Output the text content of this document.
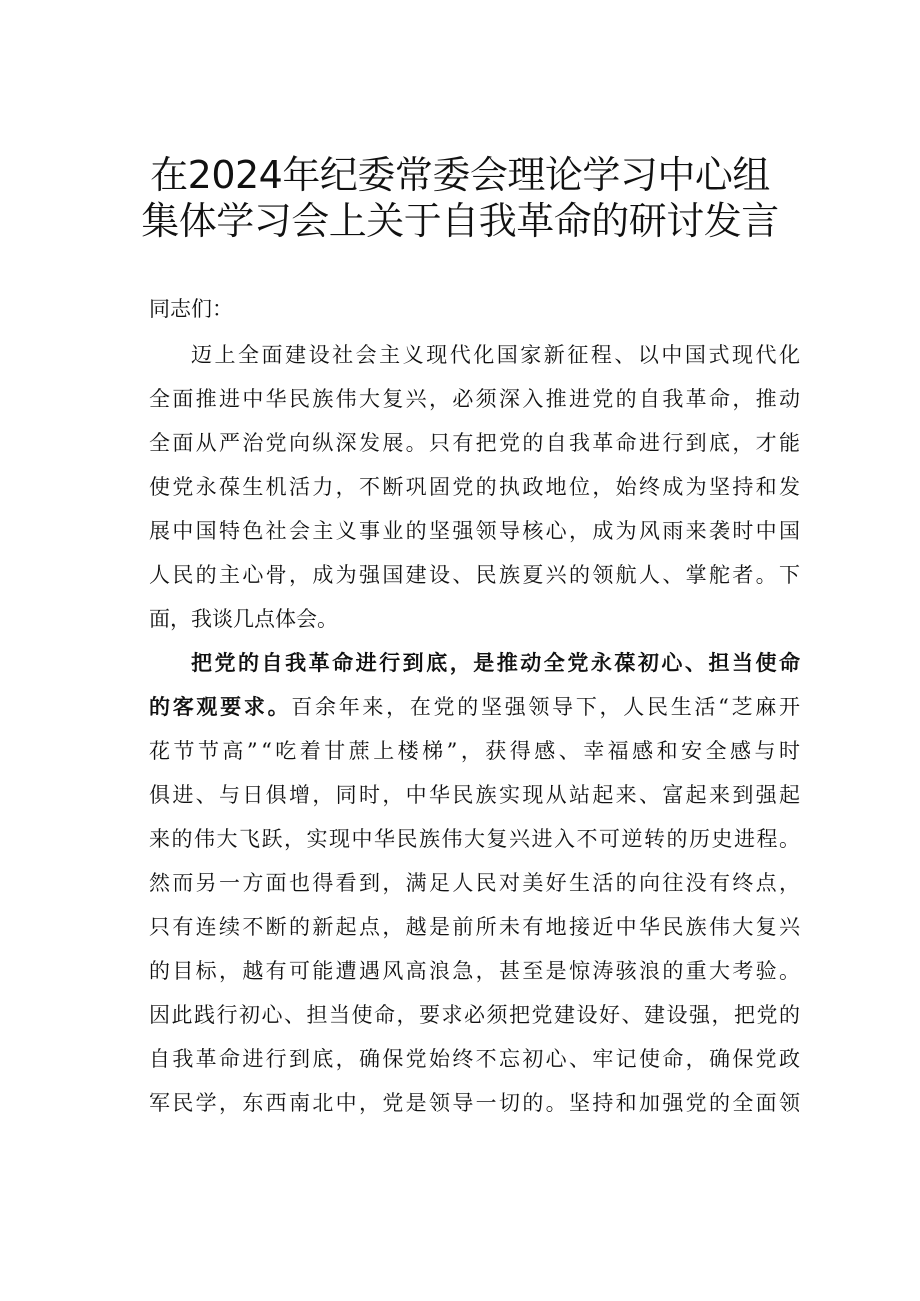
在2024年纪委常委会理论学习中心组
集体学习会上关于自我革命的研讨发言

同志们：

迈上全面建设社会主义现代化国家新征程、以中国式现代化

全面推进中华民族伟大复兴，必须深入推进党的自我革命，推动

全面从严治党向纵深发展。只有把党的自我革命进行到底，才能

使党永葆生机活力，不断巩固党的执政地位，始终成为坚持和发

展中国特色社会主义事业的坚强领导核心，成为风雨来袭时中国

人民的主心骨，成为强国建设、民族夏兴的领航人、掌舵者。下

面，我谈几点体会。

把党的自我革命进行到底，是推动全党永葆初心、担当使命

的客观要求。百余年来，在党的坚强领导下，人民生活“芝麻开

花节节高”“吃着甘蔗上楼梯”，获得感、幸福感和安全感与时

俱进、与日俱增，同时，中华民族实现从站起来、富起来到强起

来的伟大飞跃，实现中华民族伟大复兴进入不可逆转的历史进程。

然而另一方面也得看到，满足人民对美好生活的向往没有终点，

只有连续不断的新起点，越是前所未有地接近中华民族伟大复兴

的目标，越有可能遭遇风高浪急，甚至是惊涛骇浪的重大考验。

因此践行初心、担当使命，要求必须把党建设好、建设强，把党的

自我革命进行到底，确保党始终不忘初心、牢记使命，确保党政

军民学，东西南北中，党是领导一切的。坚持和加强党的全面领
